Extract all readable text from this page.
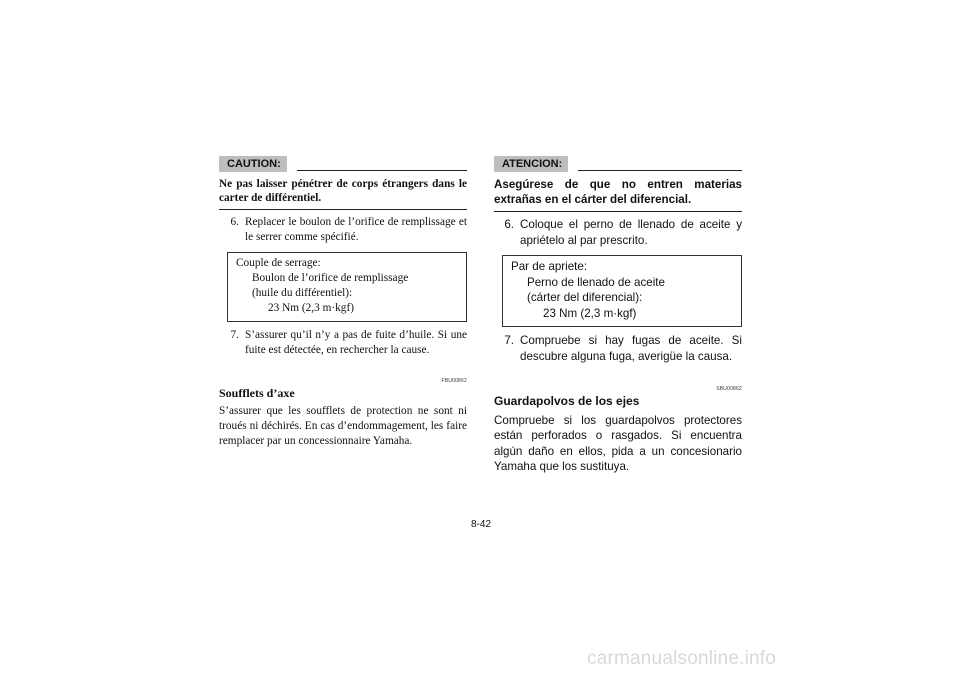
CAUTION:
Ne pas laisser pénétrer de corps étrangers dans le carter de différentiel.
6. Replacer le boulon de l’orifice de remplissage et le serrer comme spécifié.
Couple de serrage:
Boulon de l’orifice de remplissage
(huile du différentiel):
23 Nm (2,3 m·kgf)
7. S’assurer qu’il n’y a pas de fuite d’huile. Si une fuite est détectée, en rechercher la cause.
FBU00862
Soufflets d’axe
S’assurer que les soufflets de protection ne sont ni troués ni déchirés. En cas d’endommagement, les faire remplacer par un concessionnaire Yamaha.
ATENCION:
Asegúrese de que no entren materias extrañas en el cárter del diferencial.
6. Coloque el perno de llenado de aceite y apriételo al par prescrito.
Par de apriete:
Perno de llenado de aceite
(cárter del diferencial):
23 Nm (2,3 m·kgf)
7. Compruebe si hay fugas de aceite. Si descubre alguna fuga, averigüe la causa.
SBU00862
Guardapolvos de los ejes
Compruebe si los guardapolvos protectores están perforados o rasgados. Si encuentra algún daño en ellos, pida a un concesionario Yamaha que los sustituya.
8-42
carmanualsonline.info
